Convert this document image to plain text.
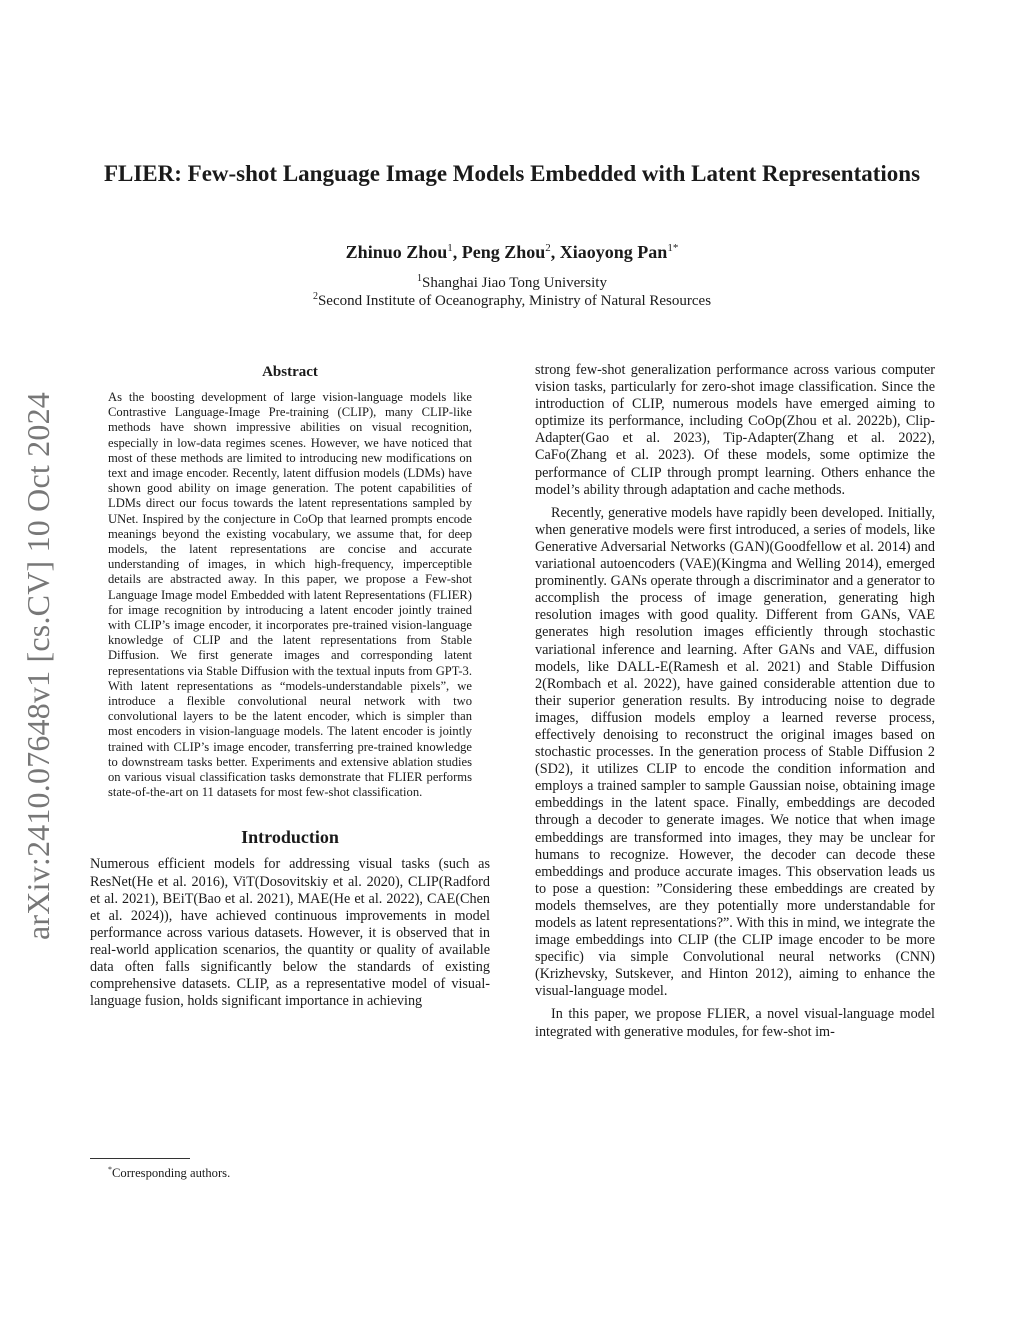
FLIER: Few-shot Language Image Models Embedded with Latent Representations
Zhinuo Zhou$^1$, Peng Zhou$^2$, Xiaoyong Pan$^{1*}$
$^1$Shanghai Jiao Tong University
$^2$Second Institute of Oceanography, Ministry of Natural Resources
arXiv:2410.07648v1 [cs.CV] 10 Oct 2024
Abstract

As the boosting development of large vision-language models like Contrastive Language-Image Pre-training (CLIP), many CLIP-like methods have shown impressive abilities on visual recognition, especially in low-data regimes scenes. However, we have noticed that most of these methods are limited to introducing new modifications on text and image encoder. Recently, latent diffusion models (LDMs) have shown good ability on image generation. The potent capabilities of LDMs direct our focus towards the latent representations sampled by UNet. Inspired by the conjecture in CoOp that learned prompts encode meanings beyond the existing vocabulary, we assume that, for deep models, the latent representations are concise and accurate understanding of images, in which high-frequency, imperceptible details are abstracted away. In this paper, we propose a Few-shot Language Image model Embedded with latent Representations (FLIER) for image recognition by introducing a latent encoder jointly trained with CLIP’s image encoder, it incorporates pre-trained vision-language knowledge of CLIP and the latent representations from Stable Diffusion. We first generate images and corresponding latent representations via Stable Diffusion with the textual inputs from GPT-3. With latent representations as “models-understandable pixels”, we introduce a flexible convolutional neural network with two convolutional layers to be the latent encoder, which is simpler than most encoders in vision-language models. The latent encoder is jointly trained with CLIP’s image encoder, transferring pre-trained knowledge to downstream tasks better. Experiments and extensive ablation studies on various visual classification tasks demonstrate that FLIER performs state-of-the-art on 11 datasets for most few-shot classification.

Introduction

Numerous efficient models for addressing visual tasks (such as ResNet(He et al. 2016), ViT(Dosovitskiy et al. 2020), CLIP(Radford et al. 2021), BEiT(Bao et al. 2021), MAE(He et al. 2022), CAE(Chen et al. 2024)), have achieved continuous improvements in model performance across various datasets. However, it is observed that in real-world application scenarios, the quantity or quality of available data often falls significantly below the standards of existing comprehensive datasets. CLIP, as a representative model of visual-language fusion, holds significant importance in achieving

*Corresponding authors.

strong few-shot generalization performance across various computer vision tasks, particularly for zero-shot image classification. Since the introduction of CLIP, numerous models have emerged aiming to optimize its performance, including CoOp(Zhou et al. 2022b), Clip-Adapter(Gao et al. 2023), Tip-Adapter(Zhang et al. 2022), CaFo(Zhang et al. 2023). Of these models, some optimize the performance of CLIP through prompt learning. Others enhance the model’s ability through adaptation and cache methods.

Recently, generative models have rapidly been developed. Initially, when generative models were first introduced, a series of models, like Generative Adversarial Networks (GAN)(Goodfellow et al. 2014) and variational autoencoders (VAE)(Kingma and Welling 2014), emerged prominently. GANs operate through a discriminator and a generator to accomplish the process of image generation, generating high resolution images with good quality. Different from GANs, VAE generates high resolution images efficiently through stochastic variational inference and learning. After GANs and VAE, diffusion models, like DALL-E(Ramesh et al. 2021) and Stable Diffusion 2(Rombach et al. 2022), have gained considerable attention due to their superior generation results. By introducing noise to degrade images, diffusion models employ a learned reverse process, effectively denoising to reconstruct the original images based on stochastic processes. In the generation process of Stable Diffusion 2 (SD2), it utilizes CLIP to encode the condition information and employs a trained sampler to sample Gaussian noise, obtaining image embeddings in the latent space. Finally, embeddings are decoded through a decoder to generate images. We notice that when image embeddings are transformed into images, they may be unclear for humans to recognize. However, the decoder can decode these embeddings and produce accurate images. This observation leads us to pose a question: ”Considering these embeddings are created by models themselves, are they potentially more understandable for models as latent representations?”. With this in mind, we integrate the image embeddings into CLIP (the CLIP image encoder to be more specific) via simple Convolutional neural networks (CNN)(Krizhevsky, Sutskever, and Hinton 2012), aiming to enhance the visual-language model.

In this paper, we propose FLIER, a novel visual-language model integrated with generative modules, for few-shot im-
